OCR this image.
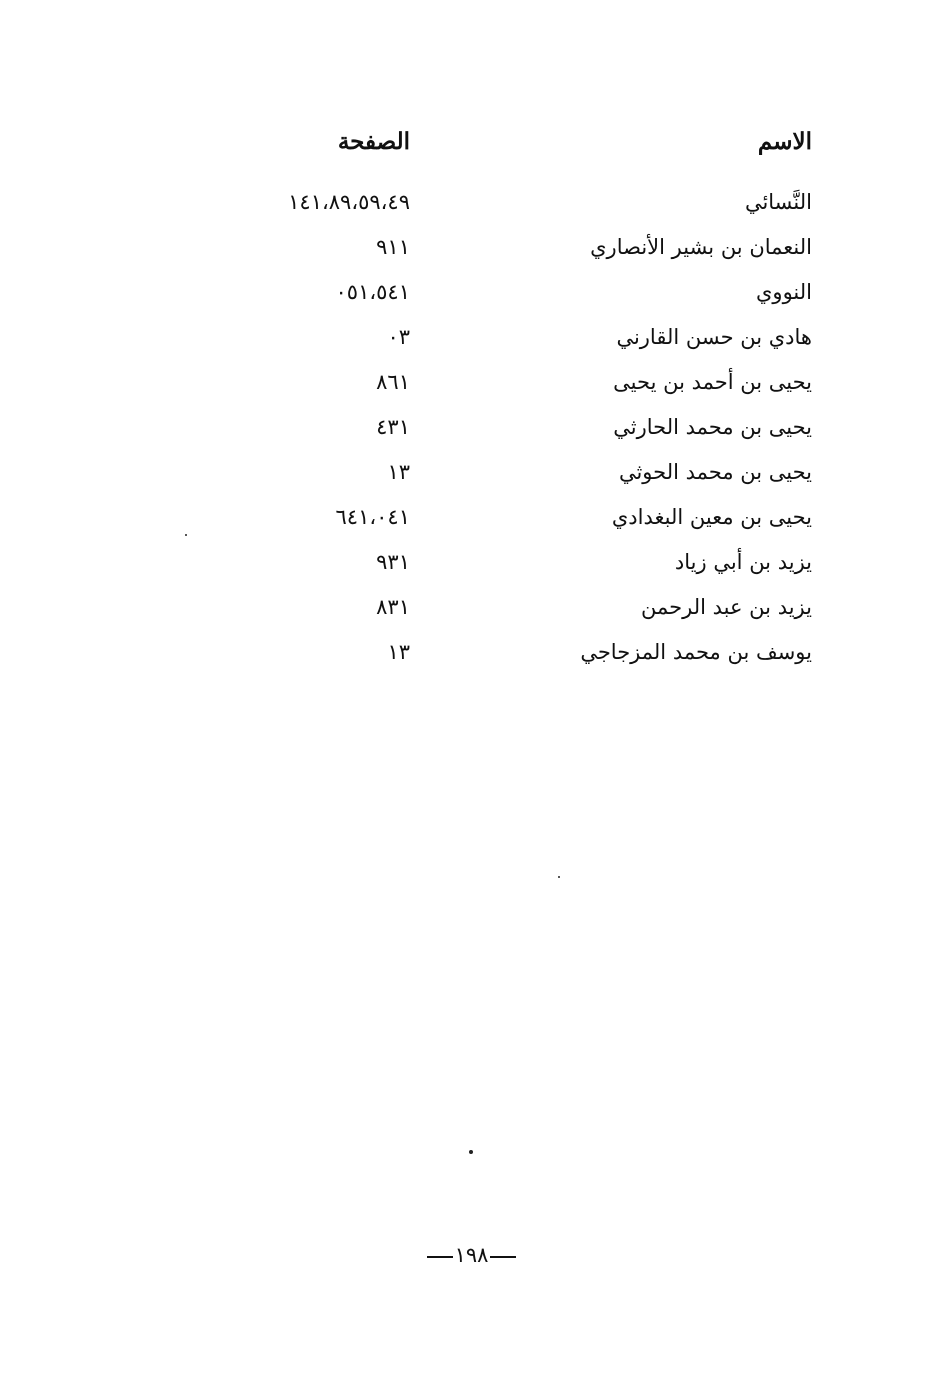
الاسم
الصفحة
النَّسائي
٩٤،٩٥،٩٨،١٤١
النعمان بن بشير الأنصاري
١١٩
النووي
١٤٥،١٥٠
هادي بن حسن القارني
٣٠
يحيى بن أحمد بن يحيى
١٦٨
يحيى بن محمد الحارثي
١٣٤
يحيى بن محمد الحوثي
٣١
يحيى بن معين البغدادي
١٤٠،١٤٦
يزيد بن أبي زياد
١٣٩
يزيد بن عبد الرحمن
١٣٨
يوسف بن محمد المزجاجي
٣١
١٩٨
